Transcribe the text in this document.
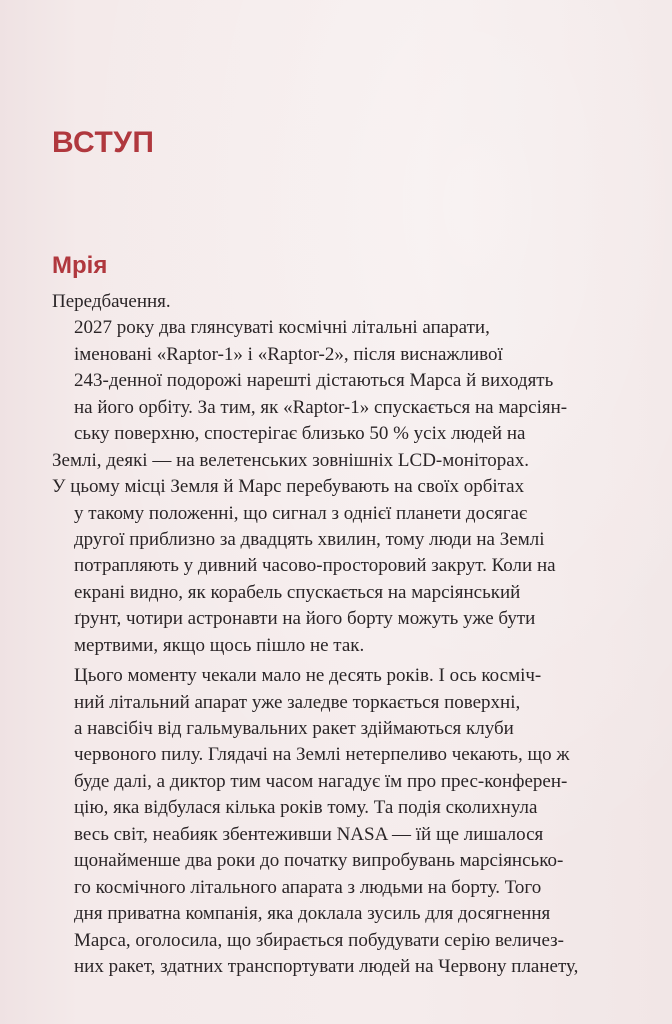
ВСТУП
Мрія
Передбачення.
2027 року два глянсуваті космічні літальні апарати,
іменовані «Raptor-1» і «Raptor-2», після виснажливої
243-денної подорожі нарешті дістаються Марса й виходять
на його орбіту. За тим, як «Raptor-1» спускається на марсіян-
ську поверхню, спостерігає близько 50 % усіх людей на
Землі, деякі — на велетенських зовнішніх LCD-моніторах.
У цьому місці Земля й Марс перебувають на своїх орбітах
у такому положенні, що сигнал з однієї планети досягає
другої приблизно за двадцять хвилин, тому люди на Землі
потрапляють у дивний часово-просторовий закрут. Коли на
екрані видно, як корабель спускається на марсіянський
ґрунт, чотири астронавти на його борту можуть уже бути
мертвими, якщо щось пішло не так.
Цього моменту чекали мало не десять років. І ось косміч-
ний літальний апарат уже заледве торкається поверхні,
а навсібіч від гальмувальних ракет здіймаються клуби
червоного пилу. Глядачі на Землі нетерпеливо чекають, що ж
буде далі, а диктор тим часом нагадує їм про прес-конферен-
цію, яка відбулася кілька років тому. Та подія сколихнула
весь світ, неабияк збентеживши NASA — їй ще лишалося
щонайменше два роки до початку випробувань марсіянсько-
го космічного літального апарата з людьми на борту. Того
дня приватна компанія, яка доклала зусиль для досягнення
Марса, оголосила, що збирається побудувати серію величез-
них ракет, здатних транспортувати людей на Червону планету,
